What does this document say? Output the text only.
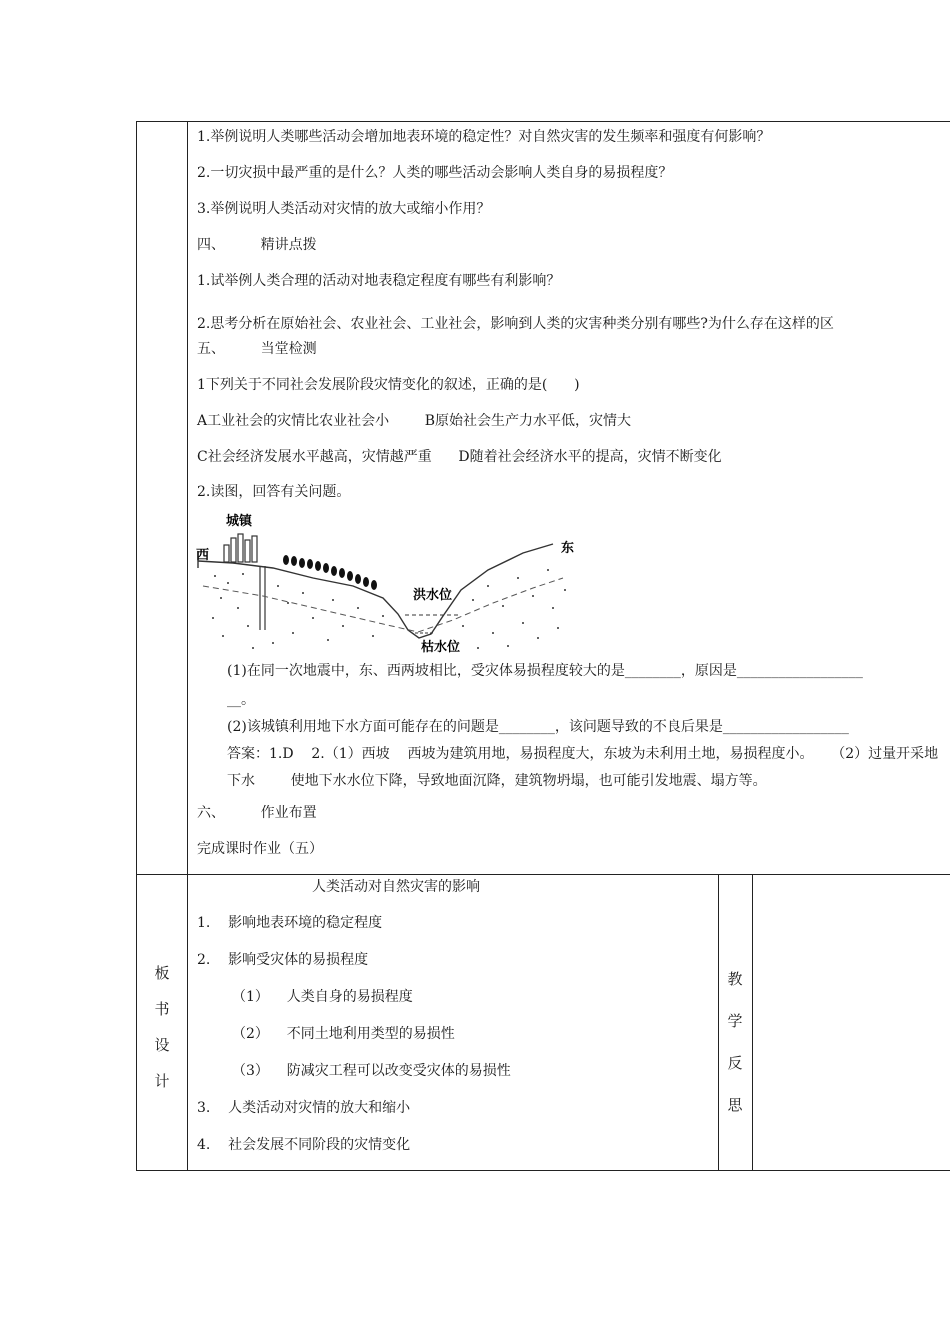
1.举例说明人类哪些活动会增加地表环境的稳定性？对自然灾害的发生频率和强度有何影响？
2.一切灾损中最严重的是什么？人类的哪些活动会影响人类自身的易损程度？
3.举例说明人类活动对灾情的放大或缩小作用？
四、        精讲点拨
1.试举例人类合理的活动对地表稳定程度有哪些有利影响？
2.思考分析在原始社会、农业社会、工业社会，影响到人类的灾害种类分别有哪些?为什么存在这样的区
五、        当堂检测
1下列关于不同社会发展阶段灾情变化的叙述，正确的是(      )
A工业社会的灾情比农业社会小        B原始社会生产力水平低，灾情大
C社会经济发展水平越高，灾情越严重      D随着社会经济水平的提高，灾情不断变化
2.读图，回答有关问题。
城镇
西	东
洪水位
枯水位
(1)在同一次地震中，东、西两坡相比，受灾体易损程度较大的是________，原因是__________________
__。
(2)该城镇利用地下水方面可能存在的问题是________，该问题导致的不良后果是__________________
答案：1.D    2.（1）西坡    西坡为建筑用地，易损程度大，东坡为未利用土地，易损程度小。    （2）过量开采地
下水        使地下水水位下降，导致地面沉降，建筑物坍塌，也可能引发地震、塌方等。
六、        作业布置
完成课时作业（五）
板
书
设
计
人类活动对自然灾害的影响
1.    影响地表环境的稳定程度
2.    影响受灾体的易损程度
（1）    人类自身的易损程度
（2）    不同土地利用类型的易损性
（3）    防减灾工程可以改变受灾体的易损性
3.    人类活动对灾情的放大和缩小
4.    社会发展不同阶段的灾情变化
教
学
反
思
